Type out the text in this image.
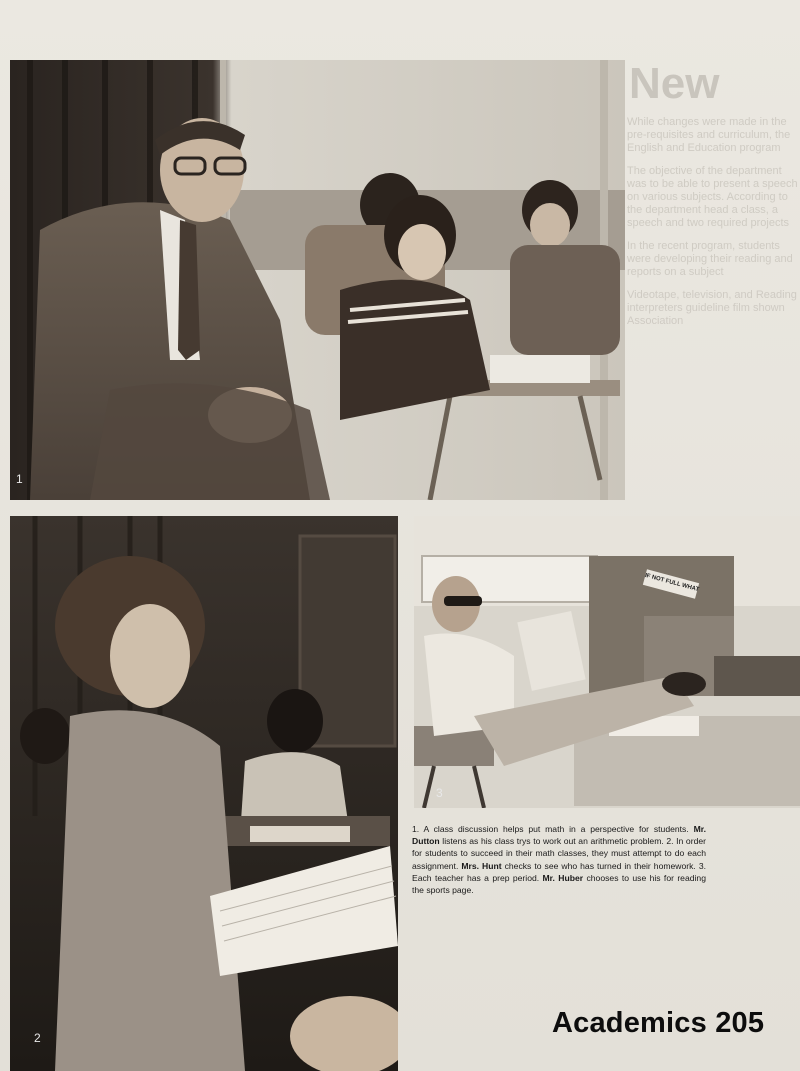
New

While changes were made in the pre-requisites and curriculum, the English and Education program

The objective of the department was to be able to present a speech on various subjects. According to the department head a class, a speech and two required projects

In the recent program, students were developing their reading and reports on a subject

Videotape, television, and Reading interpreters guideline film shown Association

1
2
3
IF NOT FULL WHAT
1. A class discussion helps put math in a perspective for students. Mr. Dutton listens as his class trys to work out an arithmetic problem. 2. In order for students to succeed in their math classes, they must attempt to do each assignment. Mrs. Hunt checks to see who has turned in their homework. 3. Each teacher has a prep period. Mr. Huber chooses to use his for reading the sports page.
Academics 205
